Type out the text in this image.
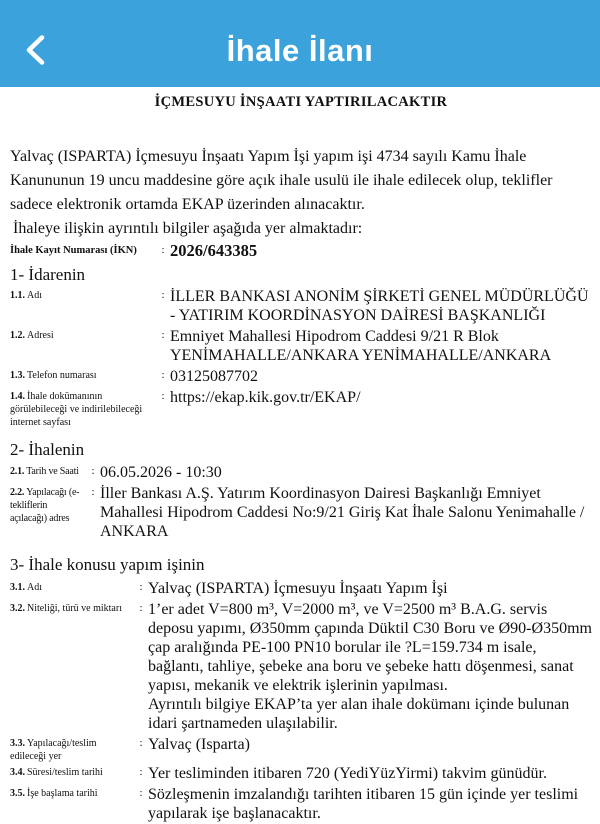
İhale İlanı
İÇMESUYU İNŞAATI YAPTIRILACAKTIR

Yalvaç (ISPARTA) İçmesuyu İnşaatı Yapım İşi yapım işi 4734 sayılı Kamu İhale Kanununun 19 uncu maddesine göre açık ihale usulü ile ihale edilecek olup, teklifler sadece elektronik ortamda EKAP üzerinden alınacaktır.

İhaleye ilişkin ayrıntılı bilgiler aşağıda yer almaktadır:

İhale Kayıt Numarası (İKN)	: 2026/643385
1- İdarenin
1.1. Adı	: İLLER BANKASI ANONİM ŞİRKETİ GENEL MÜDÜRLÜĞÜ - YATIRIM KOORDİNASYON DAİRESİ BAŞKANLIĞI
1.2. Adresi	: Emniyet Mahallesi Hipodrom Caddesi 9/21 R Blok YENİMAHALLE/ANKARA YENİMAHALLE/ANKARA
1.3. Telefon numarası	: 03125087702
1.4. İhale dokümanının görülebileceği ve indirilebileceği internet sayfası
: https://ekap.kik.gov.tr/EKAP/
2- İhalenin
2.1. Tarih ve Saati	: 06.05.2026 - 10:30
2.2. Yapılacağı (e-tekliflerin açılacağı) adres
: İller Bankası A.Ş. Yatırım Koordinasyon Dairesi Başkanlığı Emniyet Mahallesi Hipodrom Caddesi No:9/21 Giriş Kat İhale Salonu Yenimahalle / ANKARA
3- İhale konusu yapım işinin
3.1. Adı	: Yalvaç (ISPARTA) İçmesuyu İnşaatı Yapım İşi
3.2. Niteliği, türü ve miktarı	: 1’er adet V=800 m³, V=2000 m³, ve V=2500 m³ B.A.G. servis deposu yapımı, Ø350mm çapında Düktil C30 Boru ve Ø90-Ø350mm çap aralığında PE-100 PN10 borular ile ?L=159.734 m isale, bağlantı, tahliye, şebeke ana boru ve şebeke hattı döşenmesi, sanat yapısı, mekanik ve elektrik işlerinin yapılması.

Ayrıntılı bilgiye EKAP’ta yer alan ihale dokümanı içinde bulunan idari şartnameden ulaşılabilir.

3.3. Yapılacağı/teslim edileceği yer
: Yalvaç (Isparta)
3.4. Süresi/teslim tarihi	: Yer tesliminden itibaren 720 (YediYüzYirmi) takvim günüdür.
3.5. İşe başlama tarihi	: Sözleşmenin imzalandığı tarihten itibaren 15 gün içinde yer teslimi yapılarak işe başlanacaktır.
